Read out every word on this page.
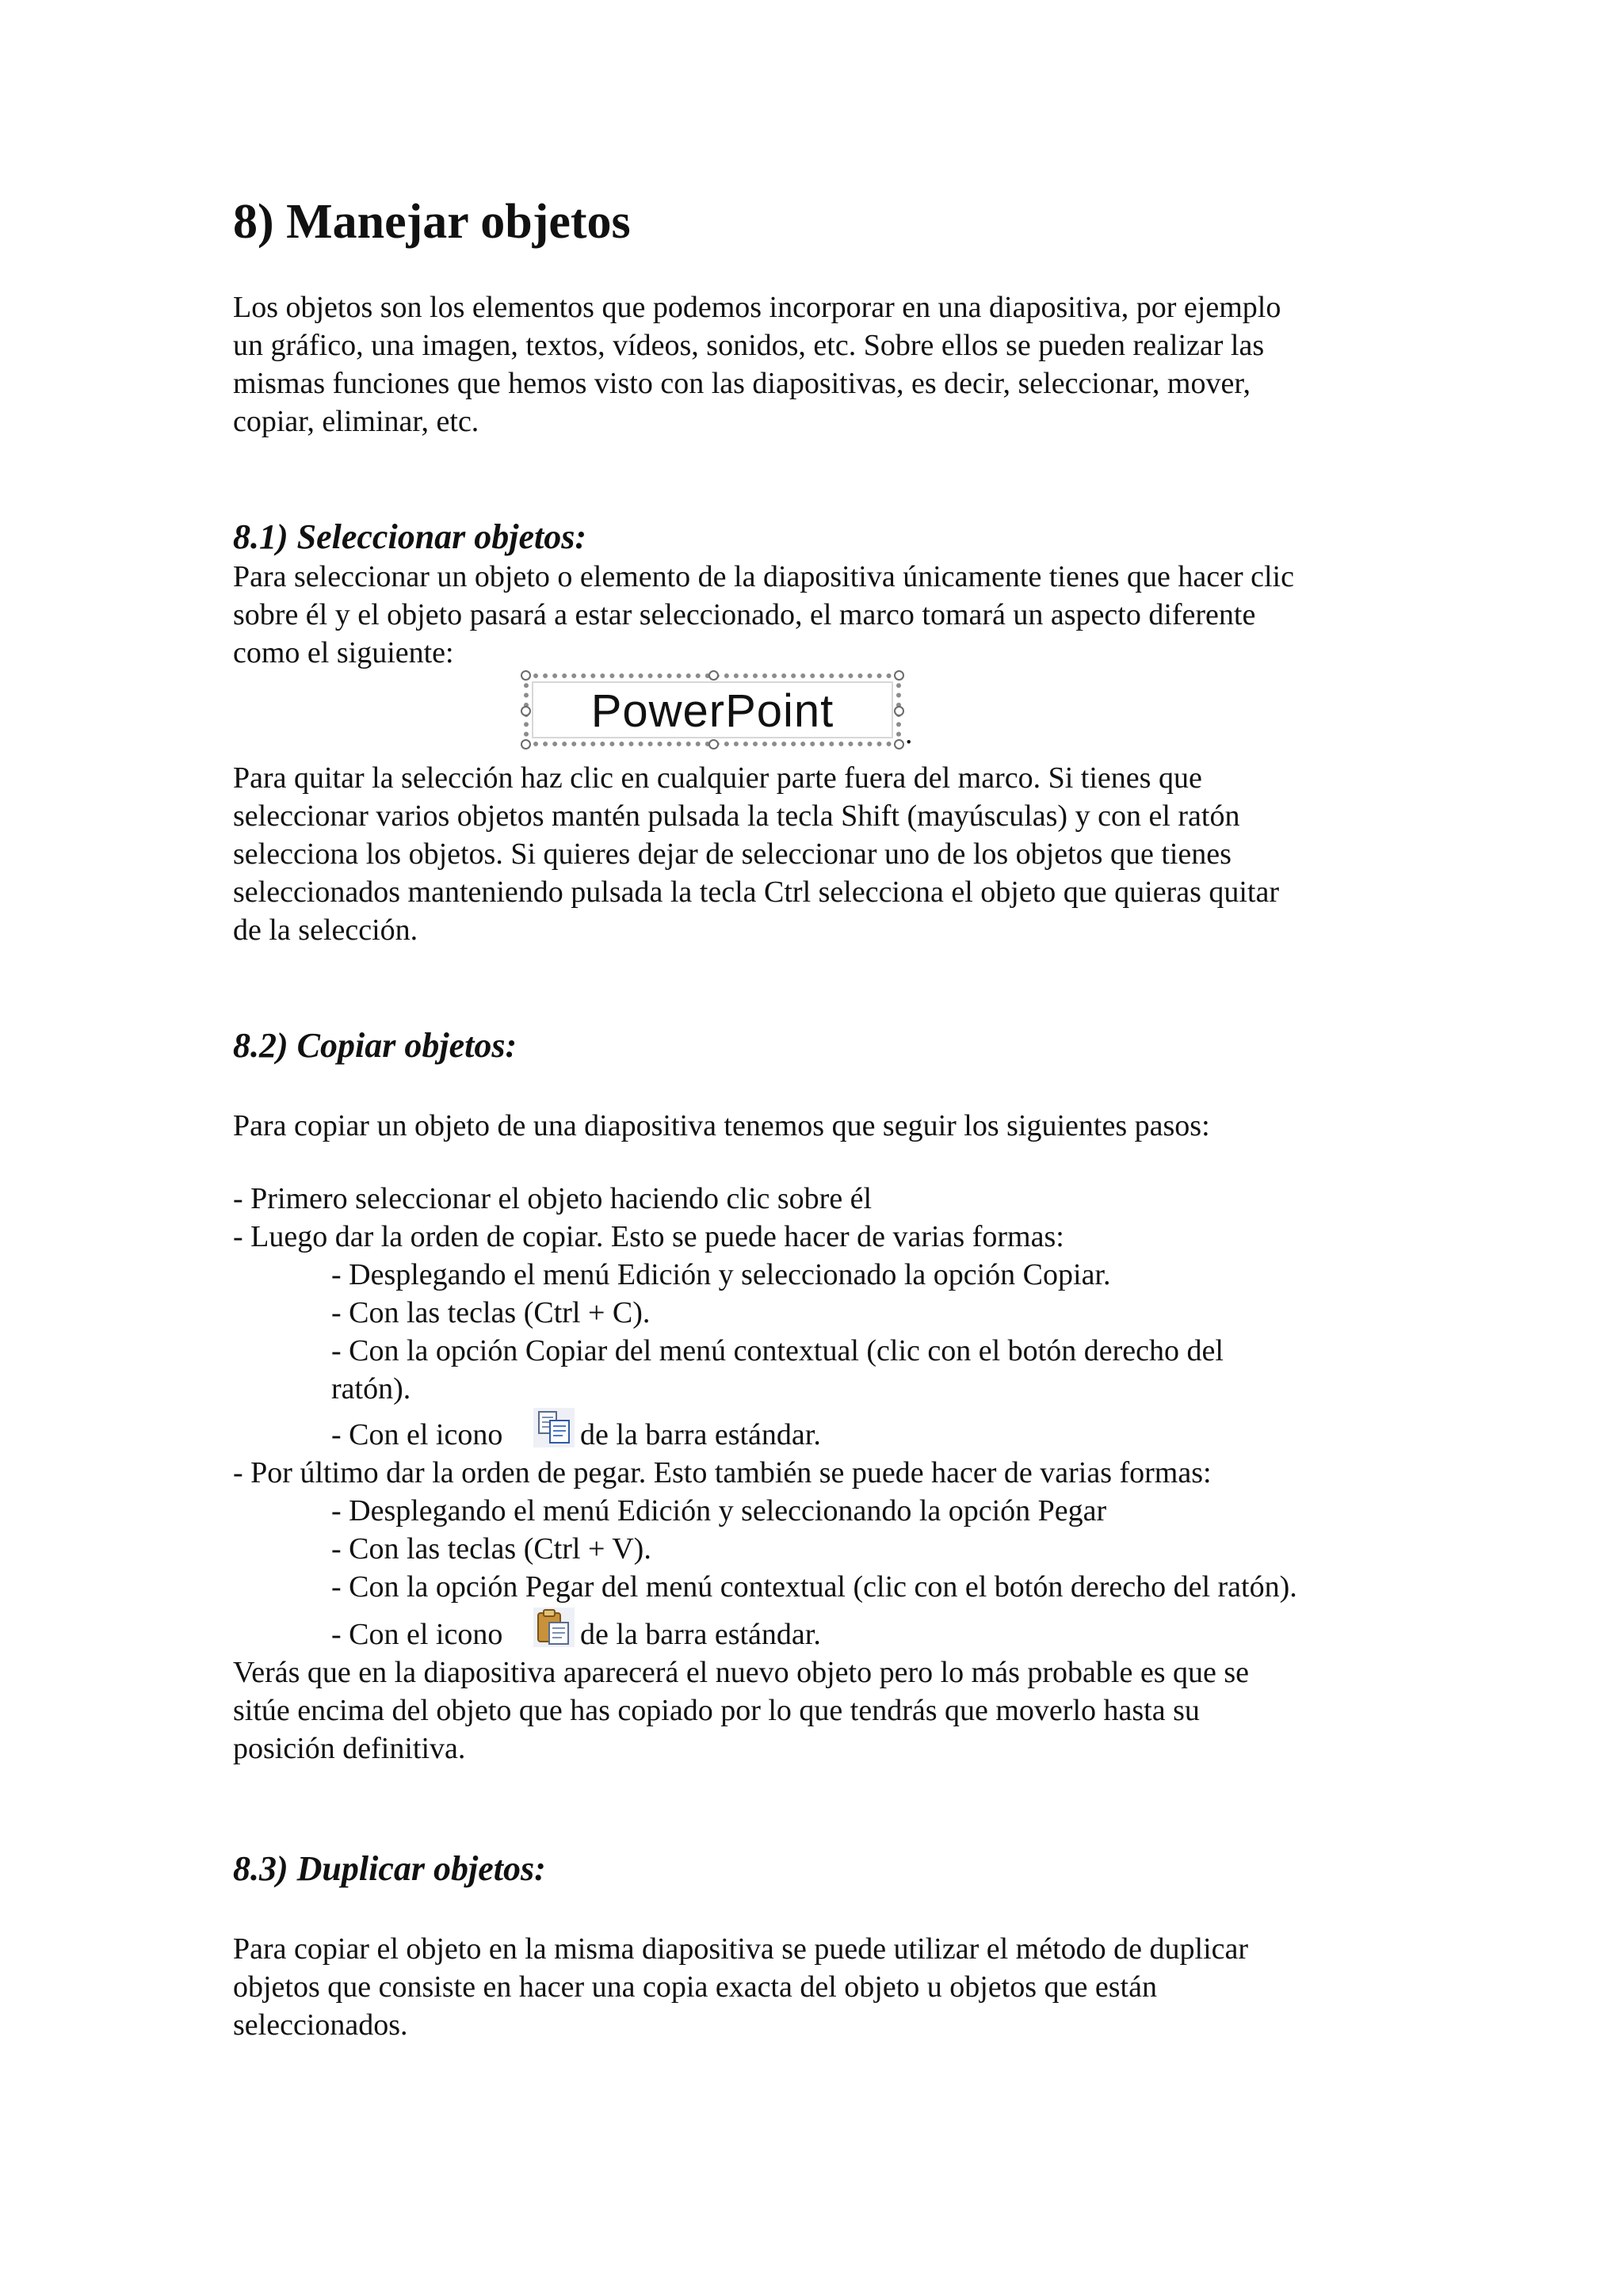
8) Manejar objetos

Los objetos son los elementos que podemos incorporar en una diapositiva, por ejemplo

un gráfico, una imagen, textos, vídeos, sonidos, etc. Sobre ellos se pueden realizar las

mismas funciones que hemos visto con las diapositivas, es decir, seleccionar, mover,

copiar, eliminar, etc.

8.1) Seleccionar objetos:

Para seleccionar un objeto o elemento de la diapositiva únicamente tienes que hacer clic

sobre él y el objeto pasará a estar seleccionado, el marco tomará un aspecto diferente

como el siguiente:

PowerPoint	.

Para quitar la selección haz clic en cualquier parte fuera del marco. Si tienes que

seleccionar varios objetos mantén pulsada la tecla Shift (mayúsculas) y con el ratón

selecciona los objetos. Si quieres dejar de seleccionar uno de los objetos que tienes

seleccionados manteniendo pulsada la tecla Ctrl selecciona el objeto que quieras quitar

de la selección.

8.2) Copiar objetos:

Para copiar un objeto de una diapositiva tenemos que seguir los siguientes pasos:

- Primero seleccionar el objeto haciendo clic sobre él

- Luego dar la orden de copiar. Esto se puede hacer de varias formas:

- Desplegando el menú Edición y seleccionado la opción Copiar.

- Con las teclas (Ctrl + C).

- Con la opción Copiar del menú contextual (clic con el botón derecho del

ratón).

- Con el icono	de la barra estándar.

- Por último dar la orden de pegar. Esto también se puede hacer de varias formas:

- Desplegando el menú Edición y seleccionando la opción Pegar

- Con las teclas (Ctrl + V).

- Con la opción Pegar del menú contextual (clic con el botón derecho del ratón).

- Con el icono	de la barra estándar.

Verás que en la diapositiva aparecerá el nuevo objeto pero lo más probable es que se

sitúe encima del objeto que has copiado por lo que tendrás que moverlo hasta su

posición definitiva.

8.3) Duplicar objetos:

Para copiar el objeto en la misma diapositiva se puede utilizar el método de duplicar

objetos que consiste en hacer una copia exacta del objeto u objetos que están

seleccionados.
